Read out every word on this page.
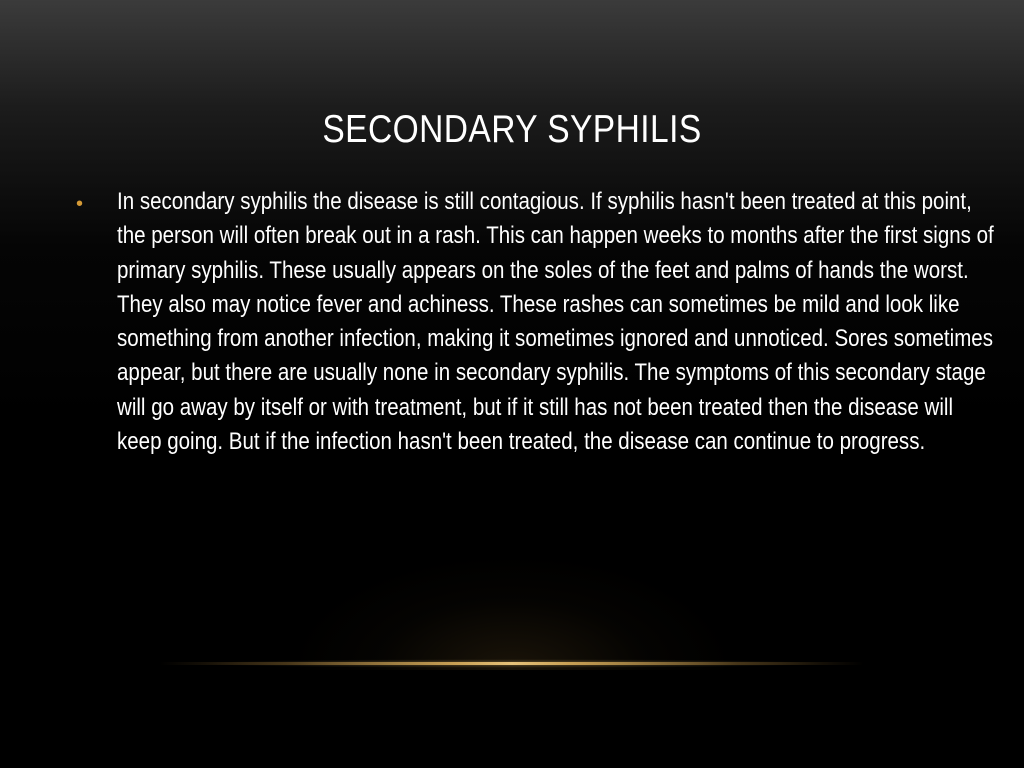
SECONDARY SYPHILIS
• In secondary syphilis the disease is still contagious. If syphilis hasn't been treated at this point, the person will often break out in a rash. This can happen weeks to months after the first signs of primary syphilis. These usually appears on the soles of the feet and palms of hands the worst. They also may notice fever and achiness. These rashes can sometimes be mild and look like something from another infection, making it sometimes ignored and unnoticed. Sores sometimes appear, but there are usually none in secondary syphilis. The symptoms of this secondary stage will go away by itself or with treatment, but if it still has not been treated then the disease will keep going. But if the infection hasn't been treated, the disease can continue to progress.
